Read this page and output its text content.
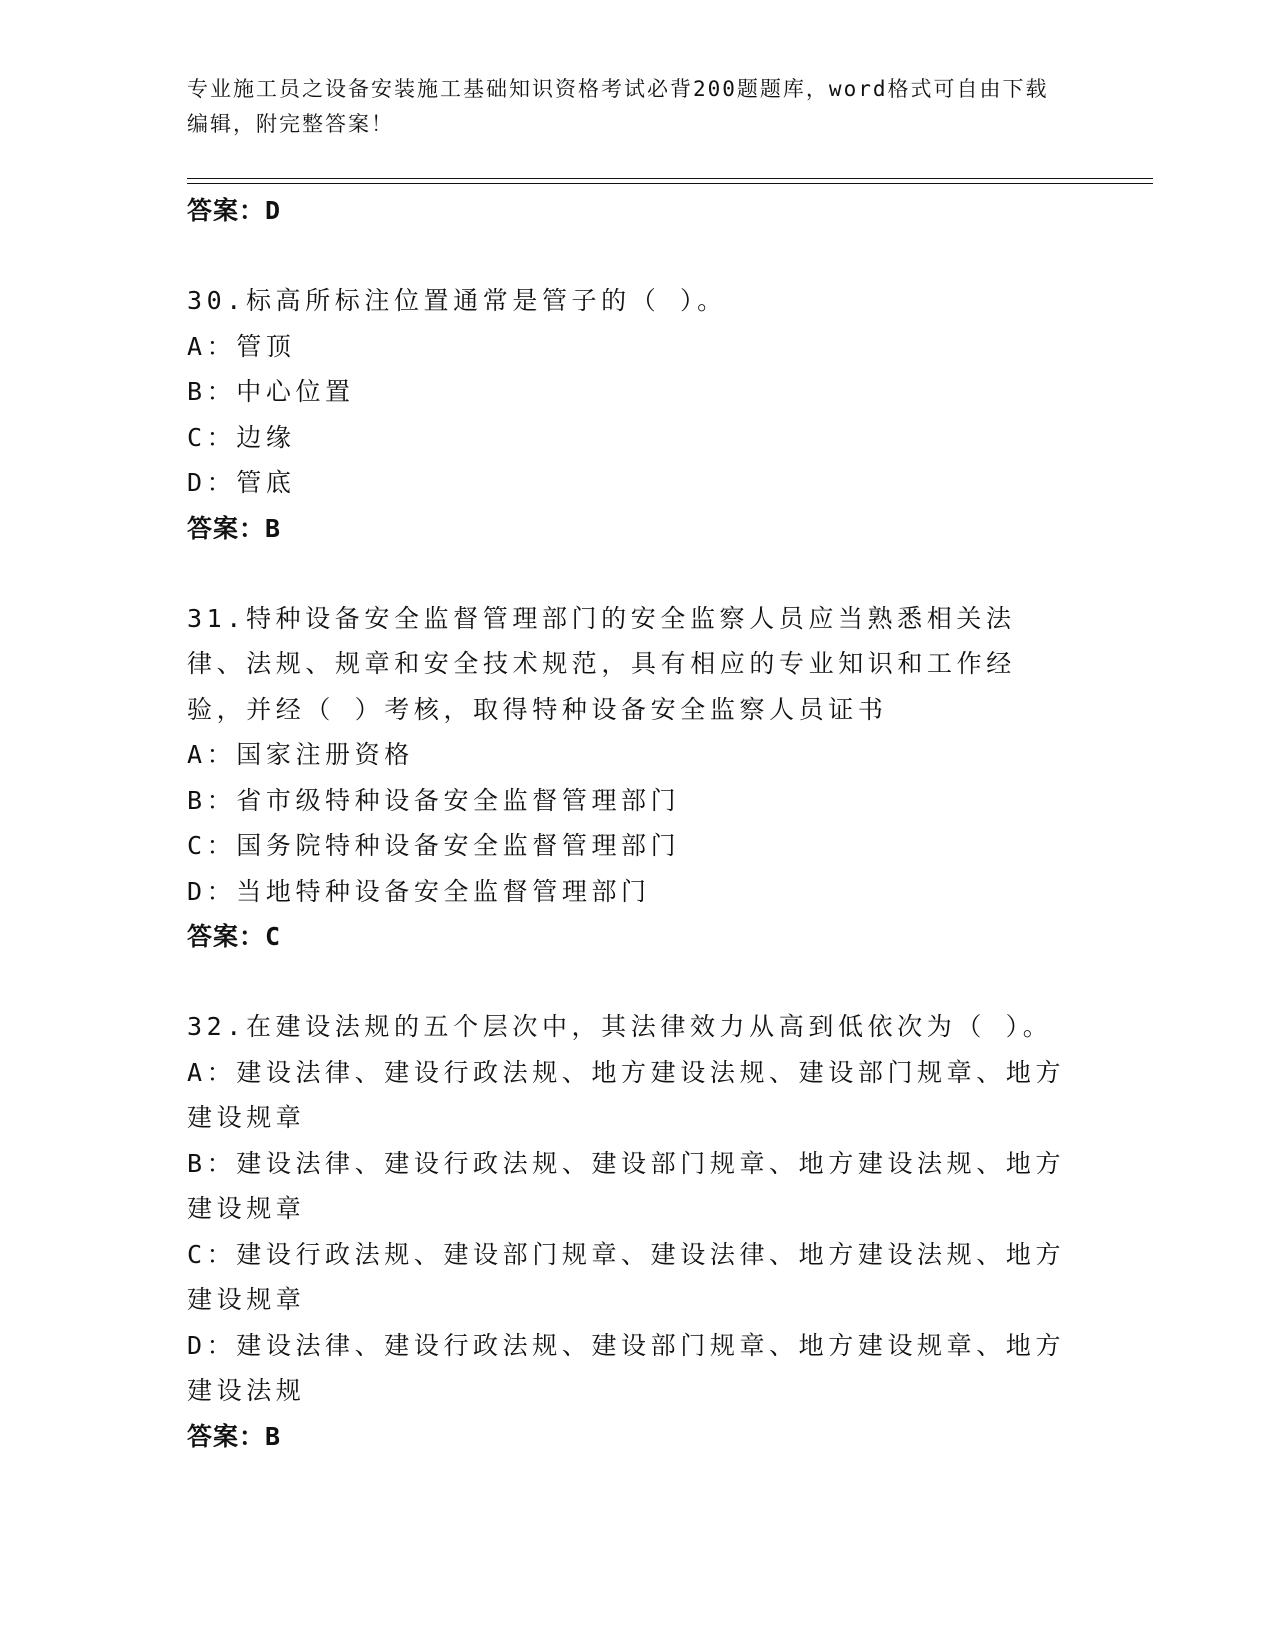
专业施工员之设备安装施工基础知识资格考试必背200题题库，word格式可自由下载编辑，附完整答案！

答案：D

30.标高所标注位置通常是管子的（ ）。

A：管顶

B：中心位置

C：边缘

D：管底

答案：B

31.特种设备安全监督管理部门的安全监察人员应当熟悉相关法律、法规、规章和安全技术规范，具有相应的专业知识和工作经验，并经（ ）考核，取得特种设备安全监察人员证书

A：国家注册资格

B：省市级特种设备安全监督管理部门

C：国务院特种设备安全监督管理部门

D：当地特种设备安全监督管理部门

答案：C

32.在建设法规的五个层次中，其法律效力从高到低依次为（ ）。

A：建设法律、建设行政法规、地方建设法规、建设部门规章、地方建设规章

B：建设法律、建设行政法规、建设部门规章、地方建设法规、地方建设规章

C：建设行政法规、建设部门规章、建设法律、地方建设法规、地方建设规章

D：建设法律、建设行政法规、建设部门规章、地方建设规章、地方建设法规

答案：B
